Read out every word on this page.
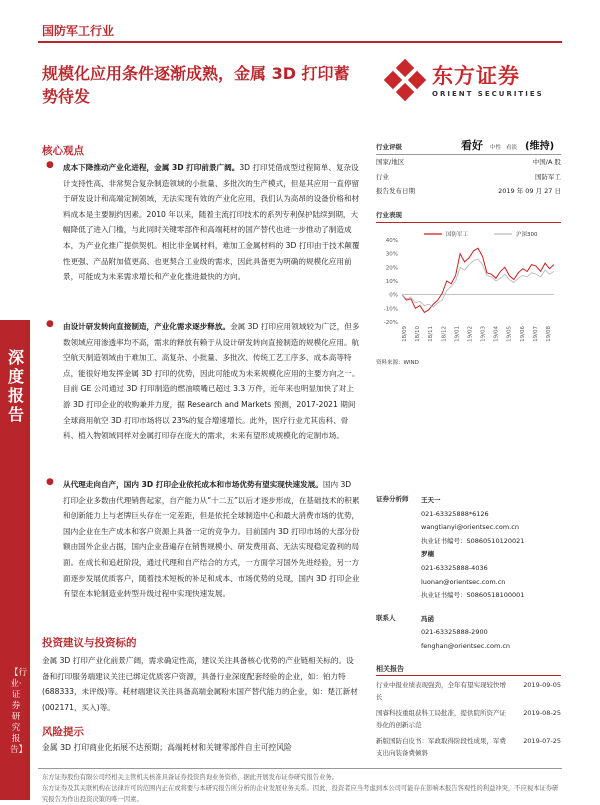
国防军工行业
规模化应用条件逐渐成熟，金属 3D 打印蓄势待发
东方证券
ORIENT SECURITIES
深度报告
【行业·证券研究报告】
核心观点
● 成本下降推动产业化进程，金属 3D 打印前景广阔。3D 打印凭借成型过程简单、复杂设计支持性高、非常契合复杂制造领域的小批量、多批次的生产模式，但是其应用一直停留于研发设计和高端定制领域，无法实现有效的产业化应用，我们认为高昂的设备价格和材料成本是主要制约因素。2010 年以来，随着主流打印技术的系列专利保护陆续到期，大幅降低了进入门槛，与此同时关键零部件和高端耗材的国产替代也进一步推动了制造成本，为产业化推广提供契机。相比非金属材料，难加工金属材料的 3D 打印由于技术颠覆性更强、产品附加值更高、也更契合工业级的需求，因此具备更为明确的规模化应用前景，可能成为未来需求增长和产业化推进最快的方向。
● 由设计研发转向直接制造，产业化需求逐步释放。金属 3D 打印应用领域较为广泛，但多数领域应用渗透率均不高，需求的释放有赖于从设计研发转向直接制造的规模化应用。航空航天制造领域由于难加工、高复杂、小批量、多批次、传统工艺工序多、成本高等特点，能很好地发挥金属 3D 打印的优势，因此可能成为未来规模化应用的主要方向之一。目前 GE 公司通过 3D 打印制造的燃油喷嘴已超过 3.3 万件，近年来也明显加快了对上游 3D 打印企业的收购兼并力度，据 Research and Markets 预测，2017-2021 期间全球商用航空 3D 打印市场将以 23%的复合增速增长。此外，医疗行业尤其齿科、骨科、植入物领域同样对金属打印存在庞大的需求，未来有望形成规模化的定制市场。
● 从代理走向自产，国内 3D 打印企业依托成本和市场优势有望实现快速发展。国内 3D 打印企业多数由代理销售起家，自产能力从“十二五”以后才逐步形成，在基础技术的积累和创新能力上与老牌巨头存在一定差距，但是依托全球制造中心和最大消费市场的优势，国内企业在生产成本和客户资源上具备一定的竞争力。目前国内 3D 打印市场的大部分份额由国外企业占据，国内企业普遍存在销售规模小、研发费用高、无法实现稳定盈利的局面。在成长和追赶阶段，通过代理和自产结合的方式，一方面学习国外先进经验，另一方面逐步发展优质客户，随着技术短板的补足和成本、市场优势的兑现，国内 3D 打印企业有望在本轮制造业转型升级过程中实现快速发展。
投资建议与投资标的
金属 3D 打印产业化前景广阔，需求确定性高，建议关注具备核心优势的产业链相关标的。设备和打印服务端建议关注已绑定优质客户资源，具备行业深度配套经验的企业，如：铂力特(688333，未评级)等。耗材端建议关注具备高端金属粉末国产替代能力的企业，如：楚江新材(002171，买入)等。
风险提示
金属 3D 打印商业化拓展不达预期；高端耗材和关键零部件自主可控风险
行业评级	看好 中性 看淡 (维持)
国家/地区	中国/A 股
行业	国防军工
报告发布日期	2019 年 09 月 27 日
行业表现
40%
30%
20%
10%
0%
-10%
-20%
18/09 18/10 18/11 18/12 19/01 19/02 19/03 19/04 19/05 19/06 19/07 19/08
国防军工	沪深300
资料来源：WIND
证券分析师	王天一
021-63325888*6126
wangtianyi@orientsec.com.cn
执业证书编号：S0860510120021
罗楠
021-63325888-4036
luonan@orientsec.com.cn
执业证书编号：S0860518100001
联系人	冯函
021-63325888-2900
fenghan@orientsec.com.cn
相关报告
行业中报业绩表现强劲，全年有望实现较快增长
2019-09-05
国睿科技重组获科工局批准，提供院所资产证券化的创新示范
2019-08-25
新版国防白皮书：军政取得阶段性成果，军费支出向装备费倾斜
2019-07-25
东方证券股份有限公司经相关主管机关核准具备证券投资咨询业务资格，据此开展发布证券研究报告业务。
东方证券及其关联机构在法律许可的范围内正在或将要与本研究报告所分析的企业发展业务关系。因此，投资者应当考虑到本公司可能存在影响本报告客观性的利益冲突，不应视本证券研究报告为作出投资决策的唯一因素。
